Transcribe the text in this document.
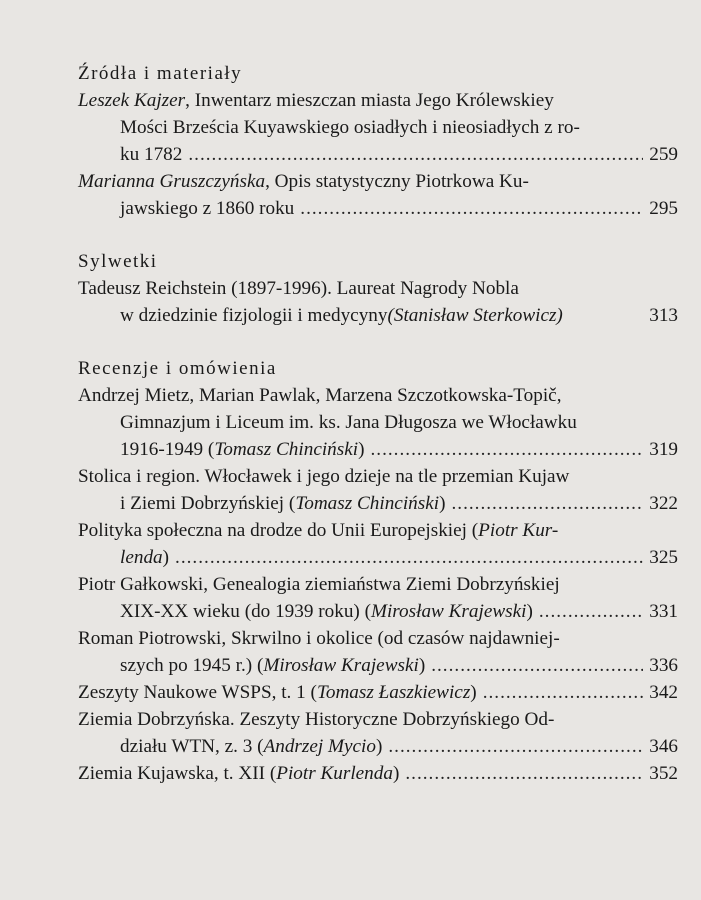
Źródła i materiały
Leszek Kajzer, Inwentarz mieszczan miasta Jego Królewskiey
Mości Brześcia Kuyawskiego osiadłych i nieosiadłych z ro-
ku 1782 .....	259
Marianna Gruszczyńska , Opis statystyczny Piotrkowa Ku-
jawskiego z 1860 roku .....	295
Sylwetki
Tadeusz Reichstein (1897-1996). Laureat Nagrody Nobla
w dziedzinie fizjologii i medycyny (Stanisław Sterkowicz)	313
Recenzje i omówienia
Andrzej Mietz, Marian Pawlak, Marzena Szczotkowska-Topič,
Gimnazjum i Liceum im. ks. Jana Długosza we Włocławku
1916-1949 ( Tomasz Chinciński ) .....	319
Stolica i region. Włocławek i jego dzieje na tle przemian Kujaw
i Ziemi Dobrzyńskiej ( Tomasz Chinciński ) .....	322
Polityka społeczna na drodze do Unii Europejskiej ( Piotr Kur-
lenda ) .....	325
Piotr Gałkowski, Genealogia ziemiaństwa Ziemi Dobrzyńskiej
XIX-XX wieku (do 1939 roku) ( Mirosław Krajewski ) .....	331
Roman Piotrowski, Skrwilno i okolice (od czasów najdawniej-
szych po 1945 r.) ( Mirosław Krajewski ) .....	336
Zeszyty Naukowe WSPS, t. 1 ( Tomasz Łaszkiewicz ) .....	342
Ziemia Dobrzyńska. Zeszyty Historyczne Dobrzyńskiego Od-
działu WTN, z. 3 ( Andrzej Mycio ) .....	346
Ziemia Kujawska, t. XII ( Piotr Kurlenda ) .....	352
